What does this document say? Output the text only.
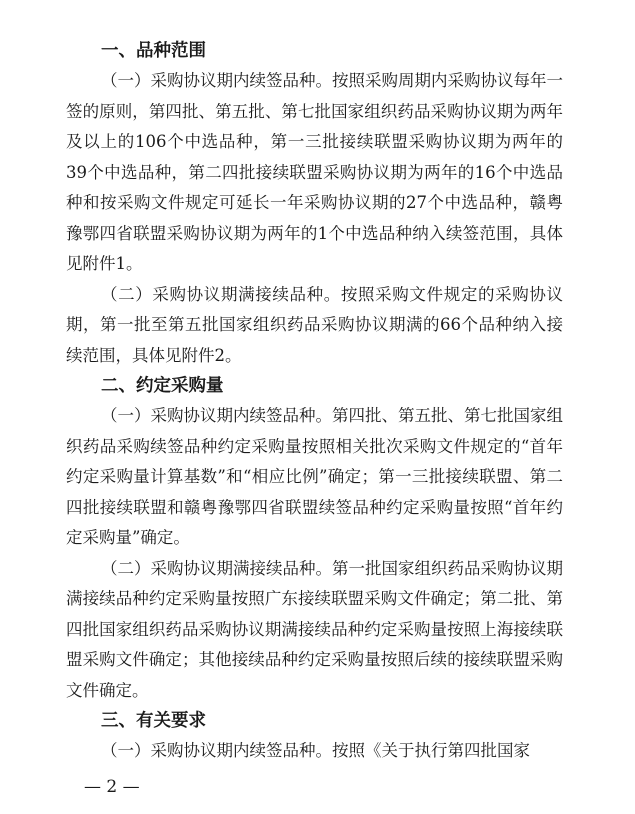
一、品种范围

（一）采购协议期内续签品种。按照采购周期内采购协议每年一签的原则，第四批、第五批、第七批国家组织药品采购协议期为两年及以上的106个中选品种，第一三批接续联盟采购协议期为两年的39个中选品种，第二四批接续联盟采购协议期为两年的16个中选品种和按采购文件规定可延长一年采购协议期的27个中选品种，赣粤豫鄂四省联盟采购协议期为两年的1个中选品种纳入续签范围，具体见附件1。

（二）采购协议期满接续品种。按照采购文件规定的采购协议期，第一批至第五批国家组织药品采购协议期满的66个品种纳入接续范围，具体见附件2。

二、约定采购量

（一）采购协议期内续签品种。第四批、第五批、第七批国家组织药品采购续签品种约定采购量按照相关批次采购文件规定的“首年约定采购量计算基数”和“相应比例”确定；第一三批接续联盟、第二四批接续联盟和赣粤豫鄂四省联盟续签品种约定采购量按照“首年约定采购量”确定。

（二）采购协议期满接续品种。第一批国家组织药品采购协议期满接续品种约定采购量按照广东接续联盟采购文件确定；第二批、第四批国家组织药品采购协议期满接续品种约定采购量按照上海接续联盟采购文件确定；其他接续品种约定采购量按照后续的接续联盟采购文件确定。

三、有关要求

（一）采购协议期内续签品种。按照《关于执行第四批国家

— 2 —
